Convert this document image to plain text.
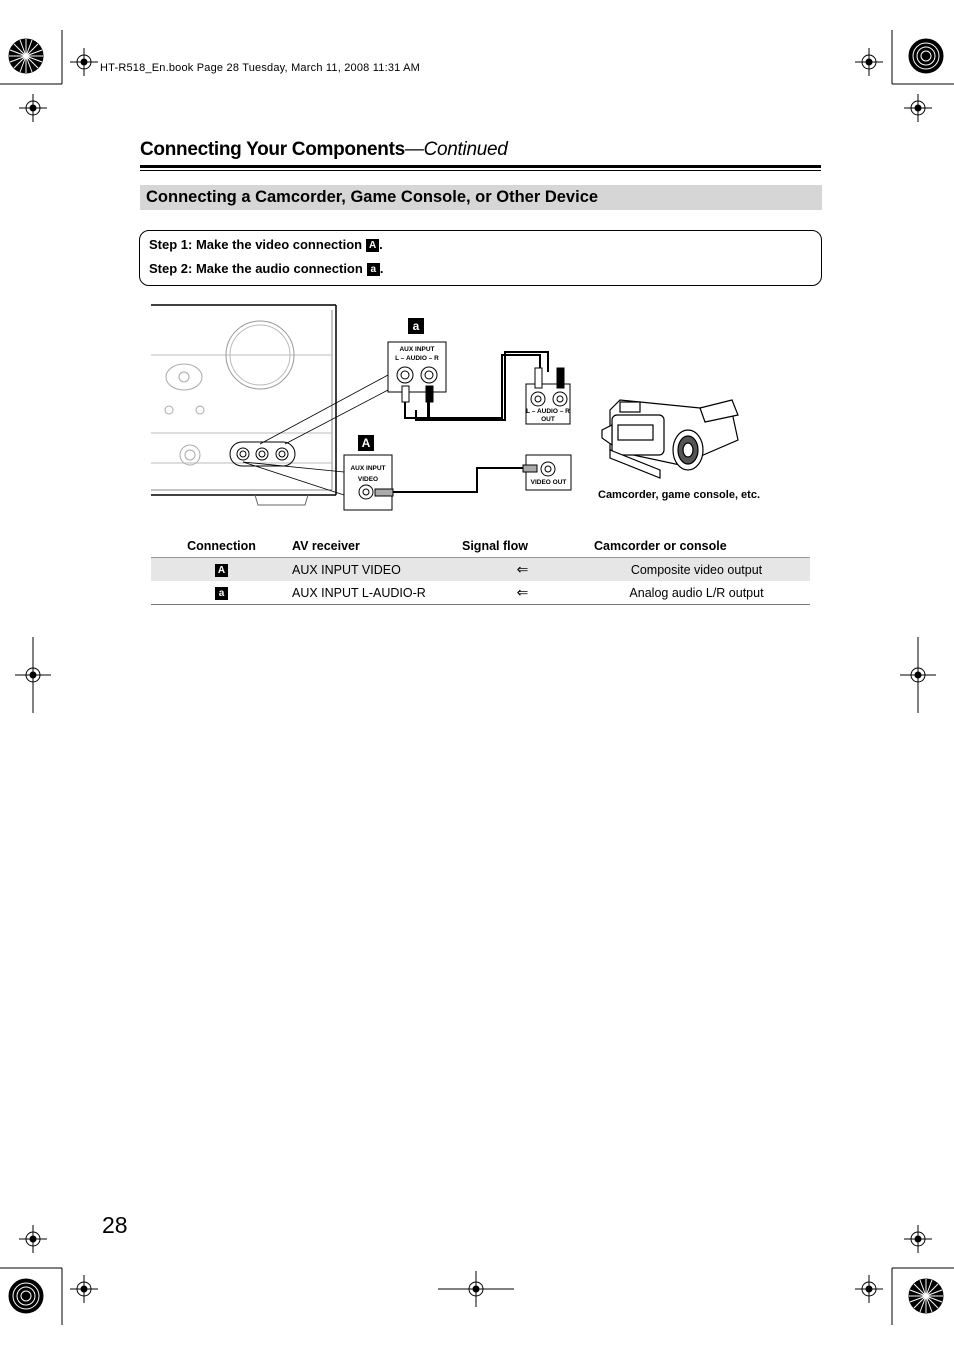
HT-R518_En.book Page 28 Tuesday, March 11, 2008 11:31 AM
Connecting Your Components—Continued
Connecting a Camcorder, Game Console, or Other Device
Step 1: Make the video connection A .
Step 2: Make the audio connection a .
a
A
AUX INPUT
L – AUDIO – R
AUX INPUT
VIDEO
L – AUDIO – R
OUT
VIDEO OUT
Camcorder, game console, etc.
Connection	AV receiver	Signal flow	Camcorder or console
A	AUX INPUT VIDEO	⇐	Composite video output
a	AUX INPUT L-AUDIO-R	⇐	Analog audio L/R output
28
